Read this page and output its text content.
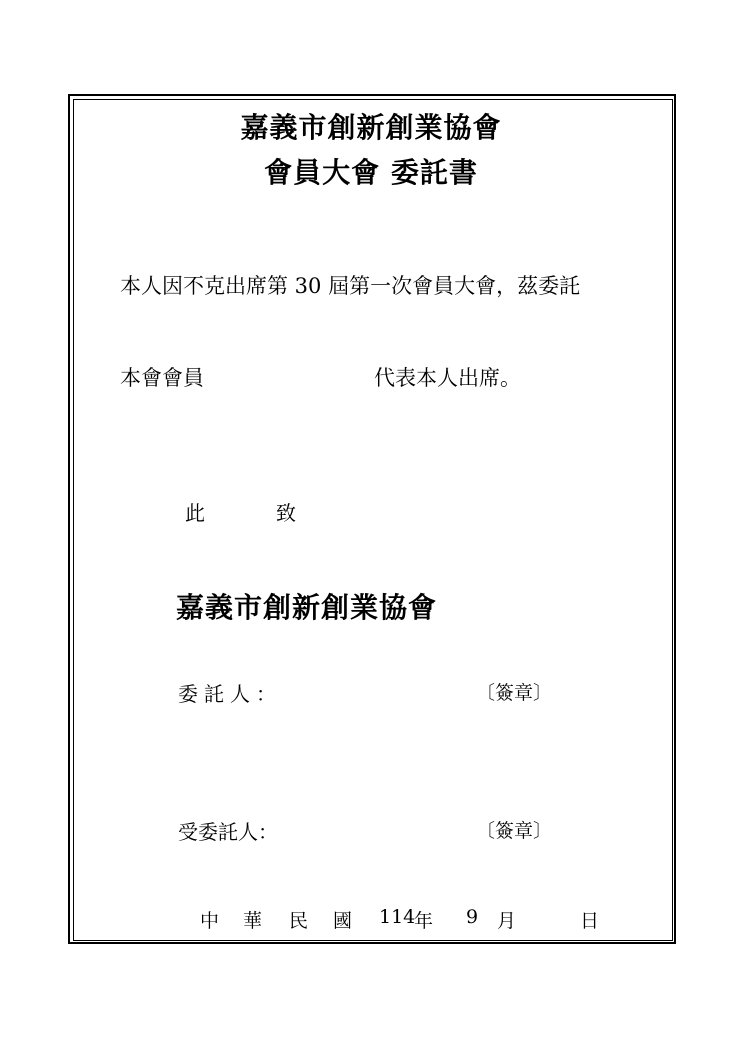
嘉義市創新創業協會
會員大會 委託書
本人因不克出席第 30 屆第一次會員大會，茲委託
本會會員	代表本人出席。
此	致
嘉義市創新創業協會
委託人：	〔簽章〕
受委託人：	〔簽章〕
中 華 民 國 114
年 9 月	日
